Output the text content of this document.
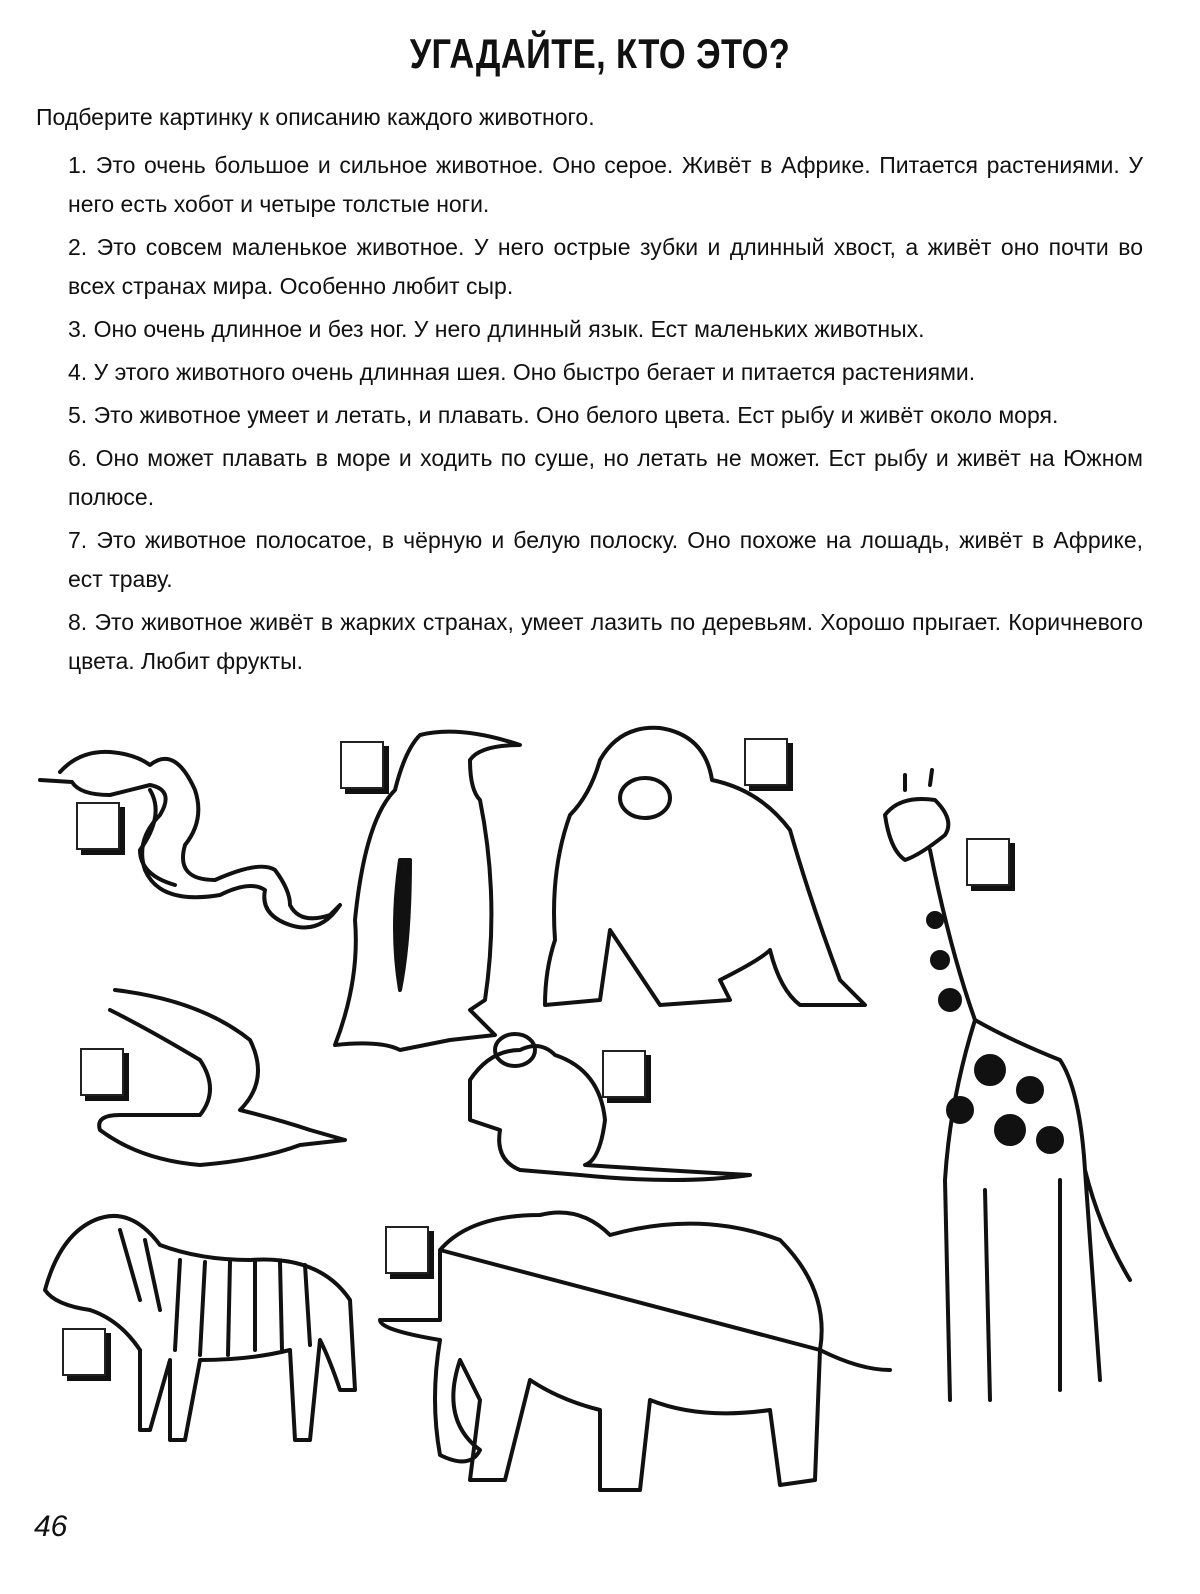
УГАДАЙТЕ, КТО ЭТО?
Подберите картинку к описанию каждого животного.
1. Это очень большое и сильное животное. Оно серое. Живёт в Африке. Питается растениями. У него есть хобот и четыре толстые ноги.
2. Это совсем маленькое животное. У него острые зубки и длинный хвост, а живёт оно почти во всех странах мира. Особенно любит сыр.
3. Оно очень длинное и без ног. У него длинный язык. Ест маленьких животных.
4. У этого животного очень длинная шея. Оно быстро бегает и питается растениями.
5. Это животное умеет и летать, и плавать. Оно белого цвета. Ест рыбу и живёт около моря.
6. Оно может плавать в море и ходить по суше, но летать не может. Ест рыбу и живёт на Южном полюсе.
7. Это животное полосатое, в чёрную и белую полоску. Оно похоже на лошадь, живёт в Африке, ест траву.
8. Это животное живёт в жарких странах, умеет лазить по деревьям. Хорошо прыгает. Коричневого цвета. Любит фрукты.
46
